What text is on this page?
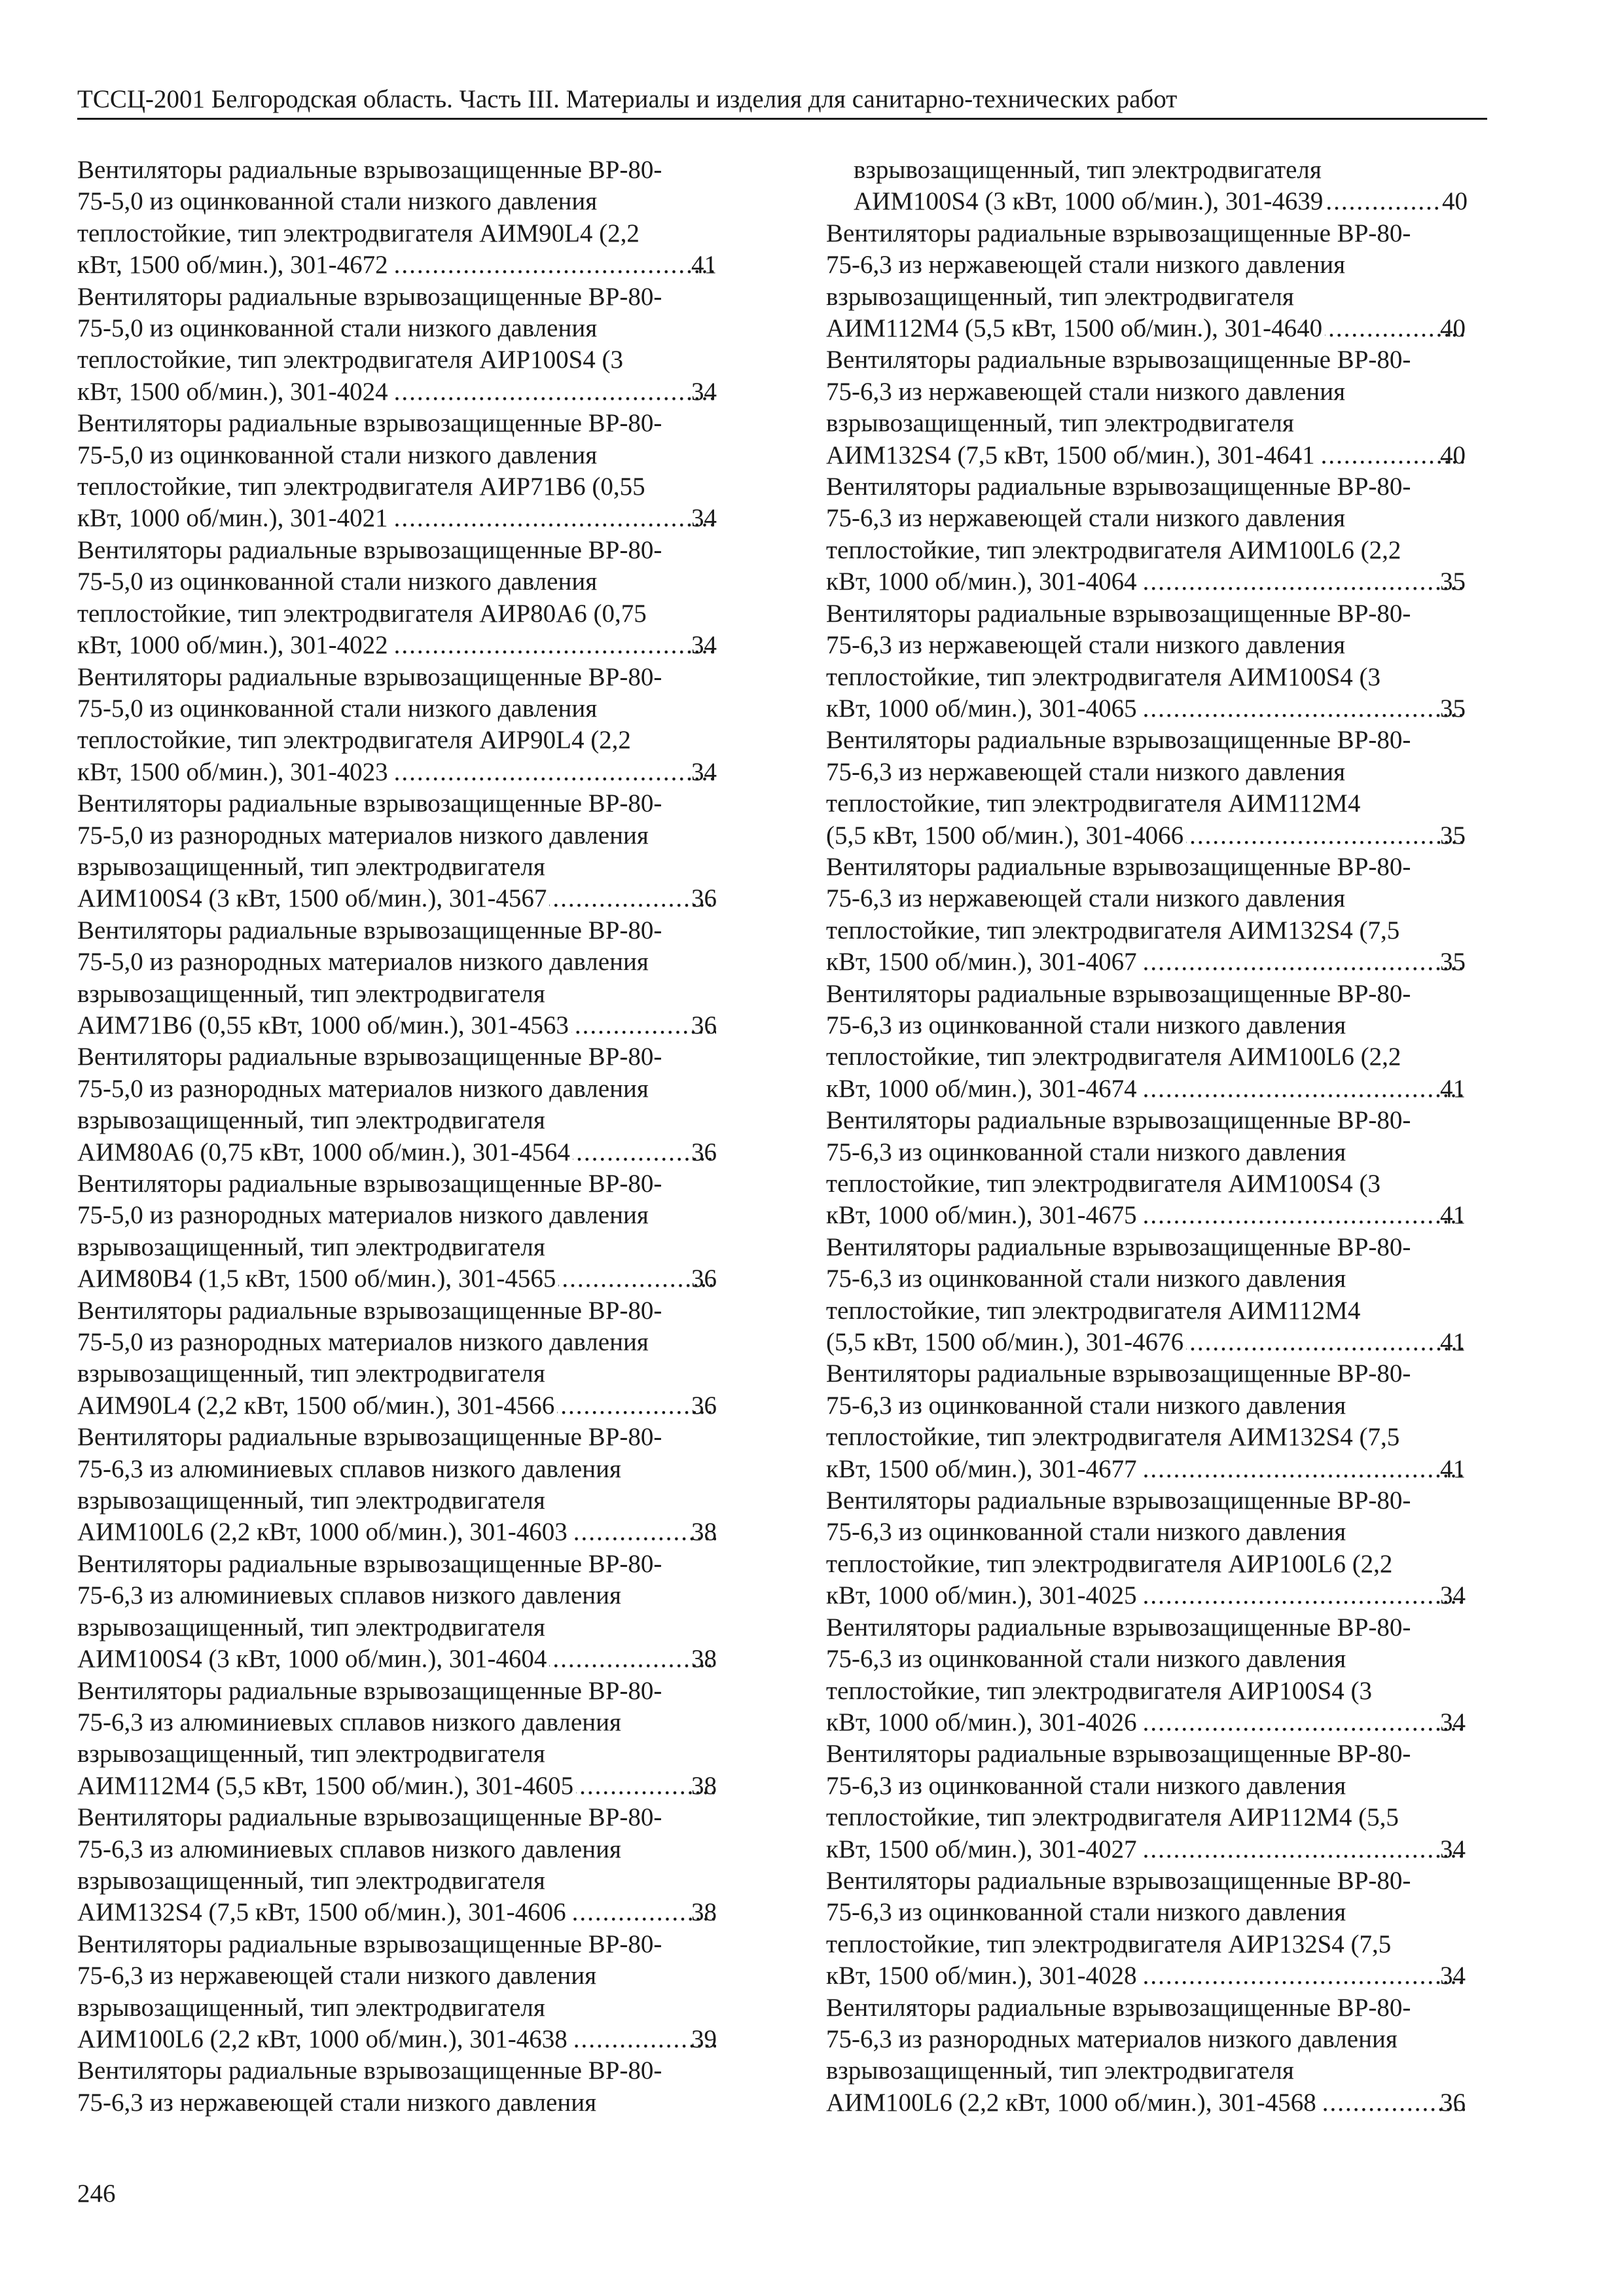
ТССЦ-2001 Белгородская область. Часть III. Материалы и изделия для санитарно-технических работ
Вентиляторы радиальные взрывозащищенные ВР-80-
75-5,0 из оцинкованной стали низкого давления
теплостойкие, тип электродвигателя АИМ90L4 (2,2
кВт, 1500 об/мин.), 301-4672 .....	41
Вентиляторы радиальные взрывозащищенные ВР-80-
75-5,0 из оцинкованной стали низкого давления
теплостойкие, тип электродвигателя АИР100S4 (3
кВт, 1500 об/мин.), 301-4024 .....	34
Вентиляторы радиальные взрывозащищенные ВР-80-
75-5,0 из оцинкованной стали низкого давления
теплостойкие, тип электродвигателя АИР71В6 (0,55
кВт, 1000 об/мин.), 301-4021 .....	34
Вентиляторы радиальные взрывозащищенные ВР-80-
75-5,0 из оцинкованной стали низкого давления
теплостойкие, тип электродвигателя АИР80А6 (0,75
кВт, 1000 об/мин.), 301-4022 .....	34
Вентиляторы радиальные взрывозащищенные ВР-80-
75-5,0 из оцинкованной стали низкого давления
теплостойкие, тип электродвигателя АИР90L4 (2,2
кВт, 1500 об/мин.), 301-4023 .....	34
Вентиляторы радиальные взрывозащищенные ВР-80-
75-5,0 из разнородных материалов низкого давления
взрывозащищенный, тип электродвигателя
АИМ100S4 (3 кВт, 1500 об/мин.), 301-4567 .....	36
Вентиляторы радиальные взрывозащищенные ВР-80-
75-5,0 из разнородных материалов низкого давления
взрывозащищенный, тип электродвигателя
АИМ71В6 (0,55 кВт, 1000 об/мин.), 301-4563 .....	36
Вентиляторы радиальные взрывозащищенные ВР-80-
75-5,0 из разнородных материалов низкого давления
взрывозащищенный, тип электродвигателя
АИМ80А6 (0,75 кВт, 1000 об/мин.), 301-4564 .....	36
Вентиляторы радиальные взрывозащищенные ВР-80-
75-5,0 из разнородных материалов низкого давления
взрывозащищенный, тип электродвигателя
АИМ80В4 (1,5 кВт, 1500 об/мин.), 301-4565 .....	36
Вентиляторы радиальные взрывозащищенные ВР-80-
75-5,0 из разнородных материалов низкого давления
взрывозащищенный, тип электродвигателя
АИМ90L4 (2,2 кВт, 1500 об/мин.), 301-4566 .....	36
Вентиляторы радиальные взрывозащищенные ВР-80-
75-6,3 из алюминиевых сплавов низкого давления
взрывозащищенный, тип электродвигателя
АИМ100L6 (2,2 кВт, 1000 об/мин.), 301-4603 .....	38
Вентиляторы радиальные взрывозащищенные ВР-80-
75-6,3 из алюминиевых сплавов низкого давления
взрывозащищенный, тип электродвигателя
АИМ100S4 (3 кВт, 1000 об/мин.), 301-4604 .....	38
Вентиляторы радиальные взрывозащищенные ВР-80-
75-6,3 из алюминиевых сплавов низкого давления
взрывозащищенный, тип электродвигателя
АИМ112М4 (5,5 кВт, 1500 об/мин.), 301-4605 .....	38
Вентиляторы радиальные взрывозащищенные ВР-80-
75-6,3 из алюминиевых сплавов низкого давления
взрывозащищенный, тип электродвигателя
АИМ132S4 (7,5 кВт, 1500 об/мин.), 301-4606 .....	38
Вентиляторы радиальные взрывозащищенные ВР-80-
75-6,3 из нержавеющей стали низкого давления
взрывозащищенный, тип электродвигателя
АИМ100L6 (2,2 кВт, 1000 об/мин.), 301-4638 .....	39
Вентиляторы радиальные взрывозащищенные ВР-80-
75-6,3 из нержавеющей стали низкого давления
взрывозащищенный, тип электродвигателя
АИМ100S4 (3 кВт, 1000 об/мин.), 301-4639 .....	40
Вентиляторы радиальные взрывозащищенные ВР-80-
75-6,3 из нержавеющей стали низкого давления
взрывозащищенный, тип электродвигателя
АИМ112М4 (5,5 кВт, 1500 об/мин.), 301-4640 .....	40
Вентиляторы радиальные взрывозащищенные ВР-80-
75-6,3 из нержавеющей стали низкого давления
взрывозащищенный, тип электродвигателя
АИМ132S4 (7,5 кВт, 1500 об/мин.), 301-4641 .....	40
Вентиляторы радиальные взрывозащищенные ВР-80-
75-6,3 из нержавеющей стали низкого давления
теплостойкие, тип электродвигателя АИМ100L6 (2,2
кВт, 1000 об/мин.), 301-4064 .....	35
Вентиляторы радиальные взрывозащищенные ВР-80-
75-6,3 из нержавеющей стали низкого давления
теплостойкие, тип электродвигателя АИМ100S4 (3
кВт, 1000 об/мин.), 301-4065 .....	35
Вентиляторы радиальные взрывозащищенные ВР-80-
75-6,3 из нержавеющей стали низкого давления
теплостойкие, тип электродвигателя АИМ112М4
(5,5 кВт, 1500 об/мин.), 301-4066 .....	35
Вентиляторы радиальные взрывозащищенные ВР-80-
75-6,3 из нержавеющей стали низкого давления
теплостойкие, тип электродвигателя АИМ132S4 (7,5
кВт, 1500 об/мин.), 301-4067 .....	35
Вентиляторы радиальные взрывозащищенные ВР-80-
75-6,3 из оцинкованной стали низкого давления
теплостойкие, тип электродвигателя АИМ100L6 (2,2
кВт, 1000 об/мин.), 301-4674 .....	41
Вентиляторы радиальные взрывозащищенные ВР-80-
75-6,3 из оцинкованной стали низкого давления
теплостойкие, тип электродвигателя АИМ100S4 (3
кВт, 1000 об/мин.), 301-4675 .....	41
Вентиляторы радиальные взрывозащищенные ВР-80-
75-6,3 из оцинкованной стали низкого давления
теплостойкие, тип электродвигателя АИМ112М4
(5,5 кВт, 1500 об/мин.), 301-4676 .....	41
Вентиляторы радиальные взрывозащищенные ВР-80-
75-6,3 из оцинкованной стали низкого давления
теплостойкие, тип электродвигателя АИМ132S4 (7,5
кВт, 1500 об/мин.), 301-4677 .....	41
Вентиляторы радиальные взрывозащищенные ВР-80-
75-6,3 из оцинкованной стали низкого давления
теплостойкие, тип электродвигателя АИР100L6 (2,2
кВт, 1000 об/мин.), 301-4025 .....	34
Вентиляторы радиальные взрывозащищенные ВР-80-
75-6,3 из оцинкованной стали низкого давления
теплостойкие, тип электродвигателя АИР100S4 (3
кВт, 1000 об/мин.), 301-4026 .....	34
Вентиляторы радиальные взрывозащищенные ВР-80-
75-6,3 из оцинкованной стали низкого давления
теплостойкие, тип электродвигателя АИР112М4 (5,5
кВт, 1500 об/мин.), 301-4027 .....	34
Вентиляторы радиальные взрывозащищенные ВР-80-
75-6,3 из оцинкованной стали низкого давления
теплостойкие, тип электродвигателя АИР132S4 (7,5
кВт, 1500 об/мин.), 301-4028 .....	34
Вентиляторы радиальные взрывозащищенные ВР-80-
75-6,3 из разнородных материалов низкого давления
взрывозащищенный, тип электродвигателя
АИМ100L6 (2,2 кВт, 1000 об/мин.), 301-4568 .....	36
246
